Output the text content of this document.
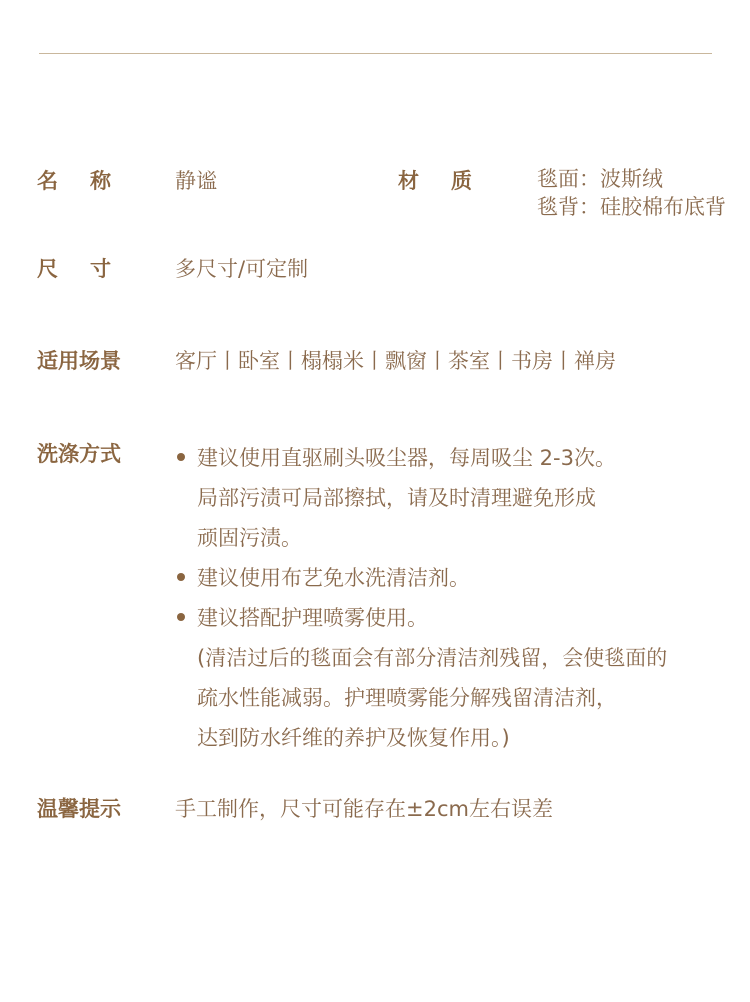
名称 静谧	材质 毯面：波斯绒
毯背：硅胶棉布底背
尺寸 多尺寸/可定制
适用场景	客厅丨卧室丨榻榻米丨飘窗丨茶室丨书房丨禅房
洗涤方式	建议使用直驱刷头吸尘器，每周吸尘 2-3次。
局部污渍可局部擦拭，请及时清理避免形成
顽固污渍。
建议使用布艺免水洗清洁剂。
建议搭配护理喷雾使用。
(清洁过后的毯面会有部分清洁剂残留，会使毯面的
疏水性能减弱。护理喷雾能分解残留清洁剂，
达到防水纤维的养护及恢复作用。)
温馨提示	手工制作，尺寸可能存在±2cm左右误差
